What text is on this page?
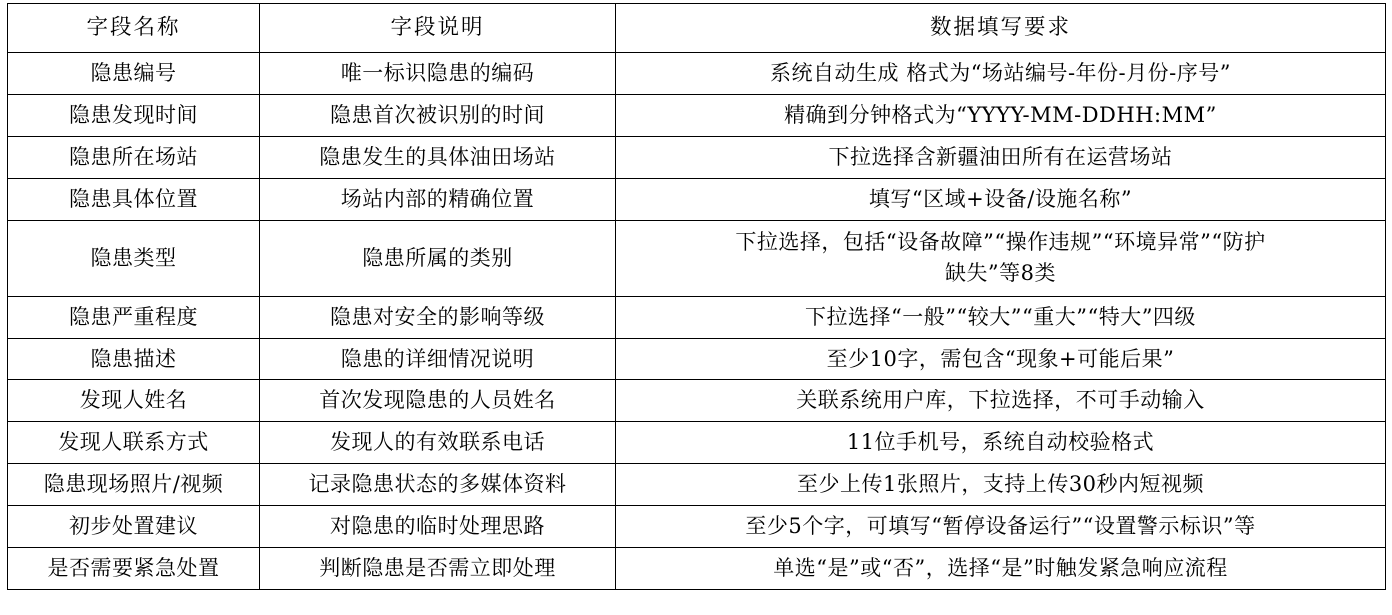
字段名称	字段说明	数据填写要求
隐患编号	唯一标识隐患的编码	系统自动生成 格式为“场站编号-年份-月份-序号”
隐患发现时间	隐患首次被识别的时间	精确到分钟格式为“YYYY-MM-DDHH:MM”
隐患所在场站	隐患发生的具体油田场站	下拉选择含新疆油田所有在运营场站
隐患具体位置	场站内部的精确位置	填写“区域+设备/设施名称”
隐患类型	隐患所属的类别	下拉选择，包括“设备故障”“操作违规”“环境异常”“防护
缺失”等8类

隐患严重程度	隐患对安全的影响等级	下拉选择“一般”“较大”“重大”“特大”四级
隐患描述	隐患的详细情况说明	至少10字，需包含“现象+可能后果”
发现人姓名	首次发现隐患的人员姓名	关联系统用户库，下拉选择，不可手动输入
发现人联系方式	发现人的有效联系电话	11位手机号，系统自动校验格式
隐患现场照片/视频	记录隐患状态的多媒体资料	至少上传1张照片，支持上传30秒内短视频
初步处置建议	对隐患的临时处理思路	至少5个字，可填写“暂停设备运行”“设置警示标识”等
是否需要紧急处置	判断隐患是否需立即处理	单选“是”或“否”，选择“是”时触发紧急响应流程
